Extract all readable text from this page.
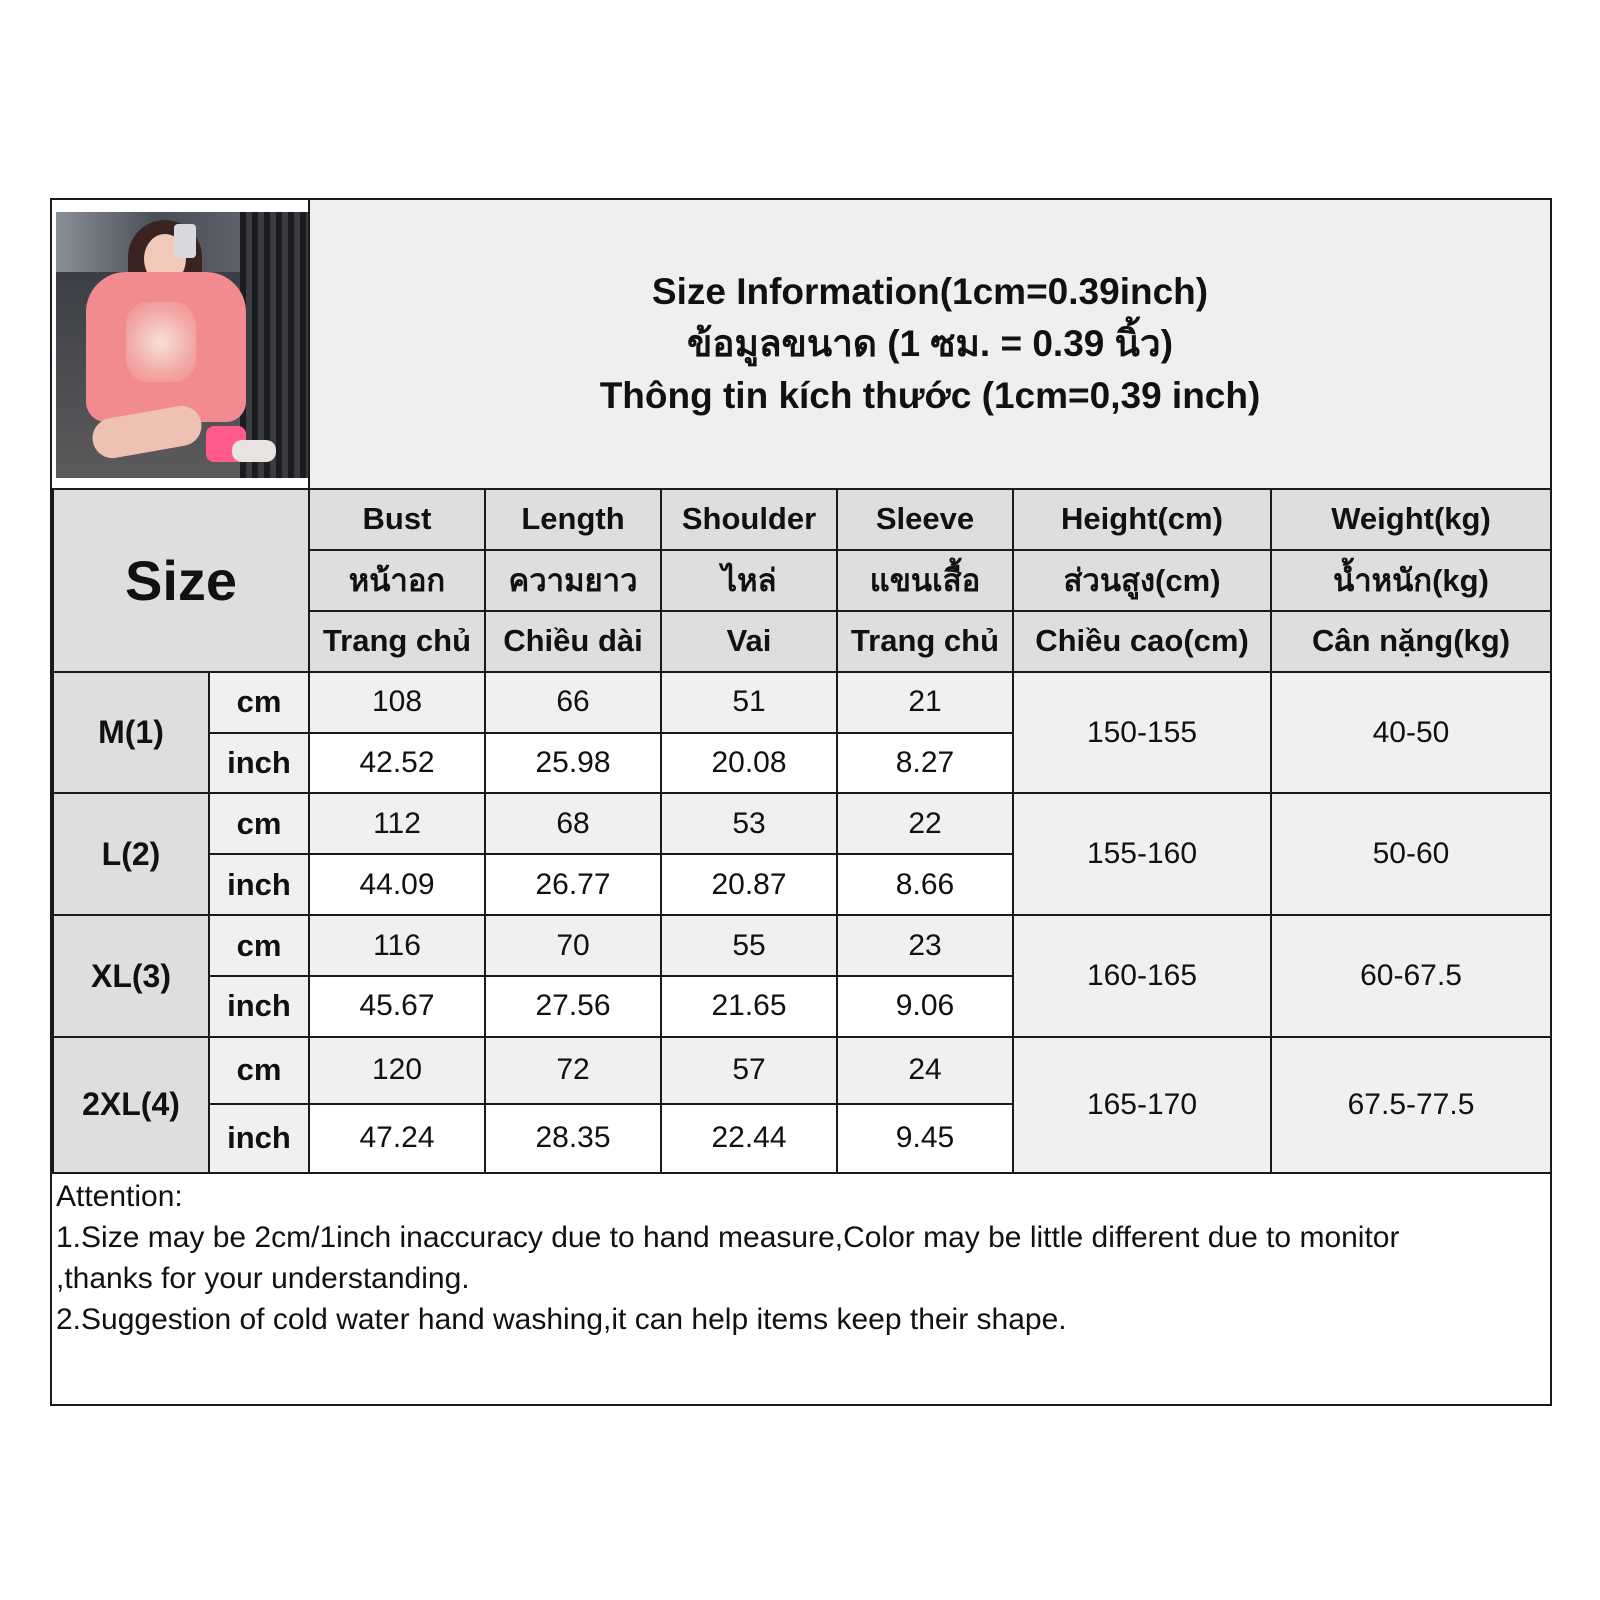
Size Information(1cm=0.39inch)
ข้อมูลขนาด (1 ซม. = 0.39 นิ้ว)
Thông tin kích thước (1cm=0,39 inch)
Size		Bust	Length	Shoulder	Sleeve	Height(cm)	Weight(kg)
		หน้าอก	ความยาว	ไหล่	แขนเสื้อ	ส่วนสูง(cm)	น้ำหนัก(kg)
		Trang chủ	Chiều dài	Vai	Trang chủ	Chiều cao(cm)	Cân nặng(kg)
M(1)	cm	108	66	51	21	150-155	40-50
	inch	42.52	25.98	20.08	8.27		
L(2)	cm	112	68	53	22	155-160	50-60
	inch	44.09	26.77	20.87	8.66		
XL(3)	cm	116	70	55	23	160-165	60-67.5
	inch	45.67	27.56	21.65	9.06		
2XL(4)	cm	120	72	57	24	165-170	67.5-77.5
	inch	47.24	28.35	22.44	9.45		
Attention:
1.Size may be 2cm/1inch inaccuracy due to hand measure,Color may be little different due to monitor
,thanks for your understanding.
2.Suggestion of cold water hand washing,it can help items keep their shape.
